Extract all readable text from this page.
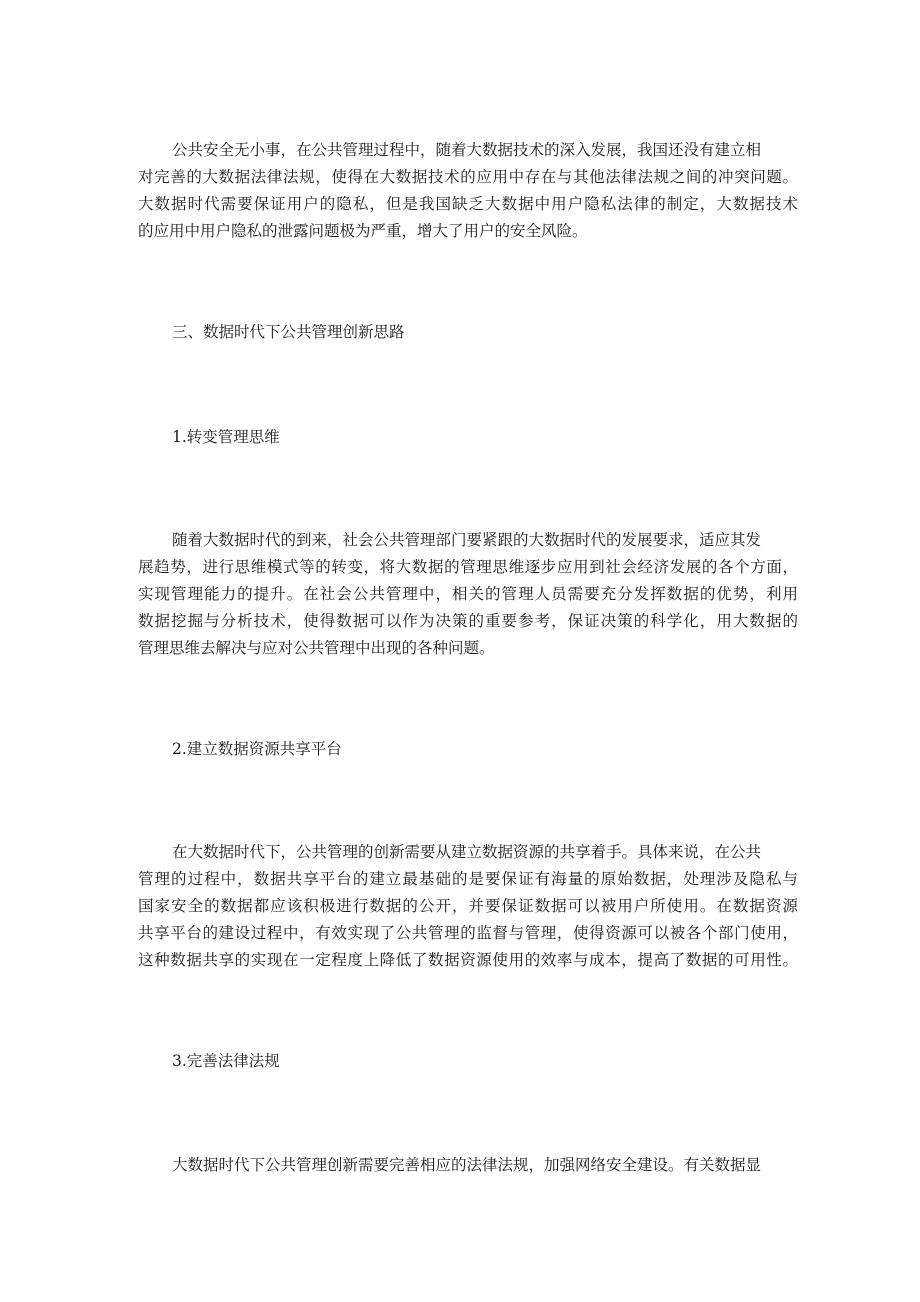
公共安全无小事，在公共管理过程中，随着大数据技术的深入发展，我国还没有建立相
对完善的大数据法律法规，使得在大数据技术的应用中存在与其他法律法规之间的冲突问题。
大数据时代需要保证用户的隐私，但是我国缺乏大数据中用户隐私法律的制定，大数据技术
的应用中用户隐私的泄露问题极为严重，增大了用户的安全风险。
三、数据时代下公共管理创新思路
1.转变管理思维
随着大数据时代的到来，社会公共管理部门要紧跟的大数据时代的发展要求，适应其发
展趋势，进行思维模式等的转变，将大数据的管理思维逐步应用到社会经济发展的各个方面，
实现管理能力的提升。在社会公共管理中，相关的管理人员需要充分发挥数据的优势，利用
数据挖掘与分析技术，使得数据可以作为决策的重要参考，保证决策的科学化，用大数据的
管理思维去解决与应对公共管理中出现的各种问题。
2.建立数据资源共享平台
在大数据时代下，公共管理的创新需要从建立数据资源的共享着手。具体来说，在公共
管理的过程中，数据共享平台的建立最基础的是要保证有海量的原始数据，处理涉及隐私与
国家安全的数据都应该积极进行数据的公开，并要保证数据可以被用户所使用。在数据资源
共享平台的建设过程中，有效实现了公共管理的监督与管理，使得资源可以被各个部门使用，
这种数据共享的实现在一定程度上降低了数据资源使用的效率与成本，提高了数据的可用性。
3.完善法律法规
大数据时代下公共管理创新需要完善相应的法律法规，加强网络安全建设。有关数据显
